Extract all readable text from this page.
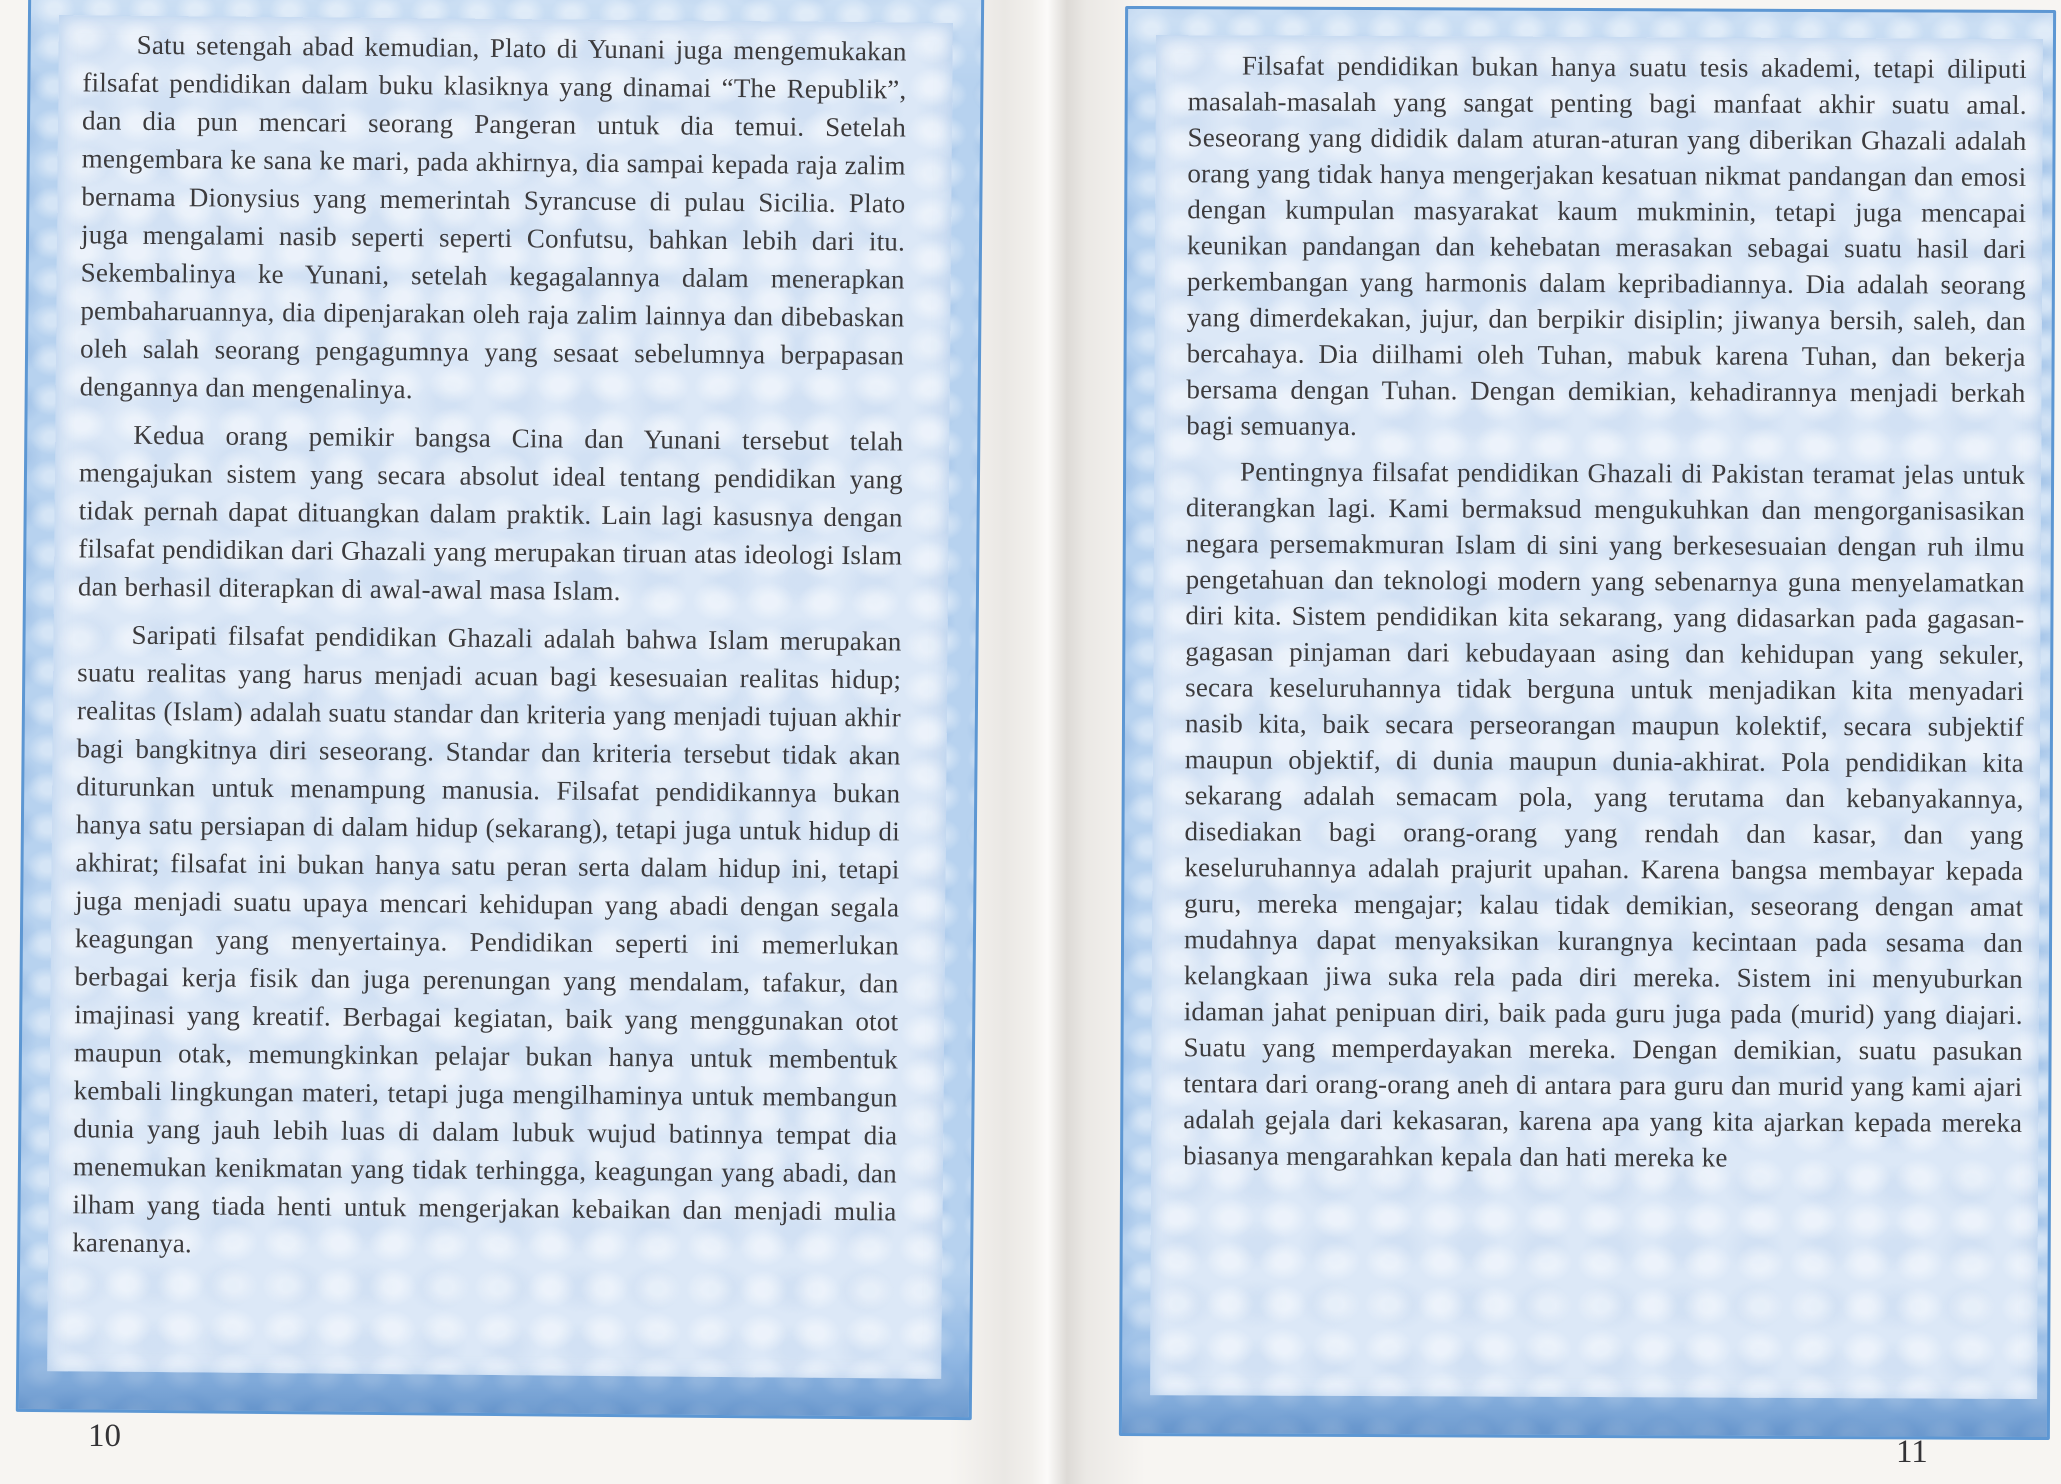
Satu setengah abad kemudian, Plato di Yunani juga mengemukakan filsafat pendidikan dalam buku klasiknya yang dinamai “The Republik”, dan dia pun mencari seorang Pangeran untuk dia temui. Setelah mengembara ke sana ke mari, pada akhirnya, dia sampai kepada raja zalim bernama Dionysius yang memerintah Syrancuse di pulau Sicilia. Plato juga mengalami nasib seperti seperti Confutsu, bahkan lebih dari itu. Sekembalinya ke Yunani, setelah kegagalannya dalam menerapkan pembaharuannya, dia dipenjarakan oleh raja zalim lainnya dan dibebaskan oleh salah seorang pengagumnya yang sesaat sebelumnya berpapasan dengannya dan mengenalinya.

Kedua orang pemikir bangsa Cina dan Yunani tersebut telah mengajukan sistem yang secara absolut ideal tentang pendidikan yang tidak pernah dapat dituangkan dalam praktik. Lain lagi kasusnya dengan filsafat pendidikan dari Ghazali yang merupakan tiruan atas ideologi Islam dan berhasil diterapkan di awal-awal masa Islam.

Saripati filsafat pendidikan Ghazali adalah bahwa Islam merupakan suatu realitas yang harus menjadi acuan bagi kesesuaian realitas hidup; realitas (Islam) adalah suatu standar dan kriteria yang menjadi tujuan akhir bagi bangkitnya diri seseorang. Standar dan kriteria tersebut tidak akan diturunkan untuk menampung manusia. Filsafat pendidikannya bukan hanya satu persiapan di dalam hidup (sekarang), tetapi juga untuk hidup di akhirat; filsafat ini bukan hanya satu peran serta dalam hidup ini, tetapi juga menjadi suatu upaya mencari kehidupan yang abadi dengan segala keagungan yang menyertainya. Pendidikan seperti ini memerlukan berbagai kerja fisik dan juga perenungan yang mendalam, tafakur, dan imajinasi yang kreatif. Berbagai kegiatan, baik yang menggunakan otot maupun otak, memungkinkan pelajar bukan hanya untuk membentuk kembali lingkungan materi, tetapi juga mengilhaminya untuk membangun dunia yang jauh lebih luas di dalam lubuk wujud batinnya tempat dia menemukan kenikmatan yang tidak terhingga, keagungan yang abadi, dan ilham yang tiada henti untuk mengerjakan kebaikan dan menjadi mulia karenanya.

Filsafat pendidikan bukan hanya suatu tesis akademi, tetapi diliputi masalah-masalah yang sangat penting bagi manfaat akhir suatu amal. Seseorang yang dididik dalam aturan-aturan yang diberikan Ghazali adalah orang yang tidak hanya mengerjakan kesatuan nikmat pandangan dan emosi dengan kumpulan masyarakat kaum mukminin, tetapi juga mencapai keunikan pandangan dan kehebatan merasakan sebagai suatu hasil dari perkembangan yang harmonis dalam kepribadiannya. Dia adalah seorang yang dimerdekakan, jujur, dan berpikir disiplin; jiwanya bersih, saleh, dan bercahaya. Dia diilhami oleh Tuhan, mabuk karena Tuhan, dan bekerja bersama dengan Tuhan. Dengan demikian, kehadirannya menjadi berkah bagi semuanya.

Pentingnya filsafat pendidikan Ghazali di Pakistan teramat jelas untuk diterangkan lagi. Kami bermaksud mengukuhkan dan mengorganisasikan negara persemakmuran Islam di sini yang berkesesuaian dengan ruh ilmu pengetahuan dan teknologi modern yang sebenarnya guna menyelamatkan diri kita. Sistem pendidikan kita sekarang, yang didasarkan pada gagasan-gagasan pinjaman dari kebudayaan asing dan kehidupan yang sekuler, secara keseluruhannya tidak berguna untuk menjadikan kita menyadari nasib kita, baik secara perseorangan maupun kolektif, secara subjektif maupun objektif, di dunia maupun dunia-akhirat. Pola pendidikan kita sekarang adalah semacam pola, yang terutama dan kebanyakannya, disediakan bagi orang-orang yang rendah dan kasar, dan yang keseluruhannya adalah prajurit upahan. Karena bangsa membayar kepada guru, mereka mengajar; kalau tidak demikian, seseorang dengan amat mudahnya dapat menyaksikan kurangnya kecintaan pada sesama dan kelangkaan jiwa suka rela pada diri mereka. Sistem ini menyuburkan idaman jahat penipuan diri, baik pada guru juga pada (murid) yang diajari. Suatu yang memperdayakan mereka. Dengan demikian, suatu pasukan tentara dari orang-orang aneh di antara para guru dan murid yang kami ajari adalah gejala dari kekasaran, karena apa yang kita ajarkan kepada mereka biasanya mengarahkan kepala dan hati mereka ke

10	11
